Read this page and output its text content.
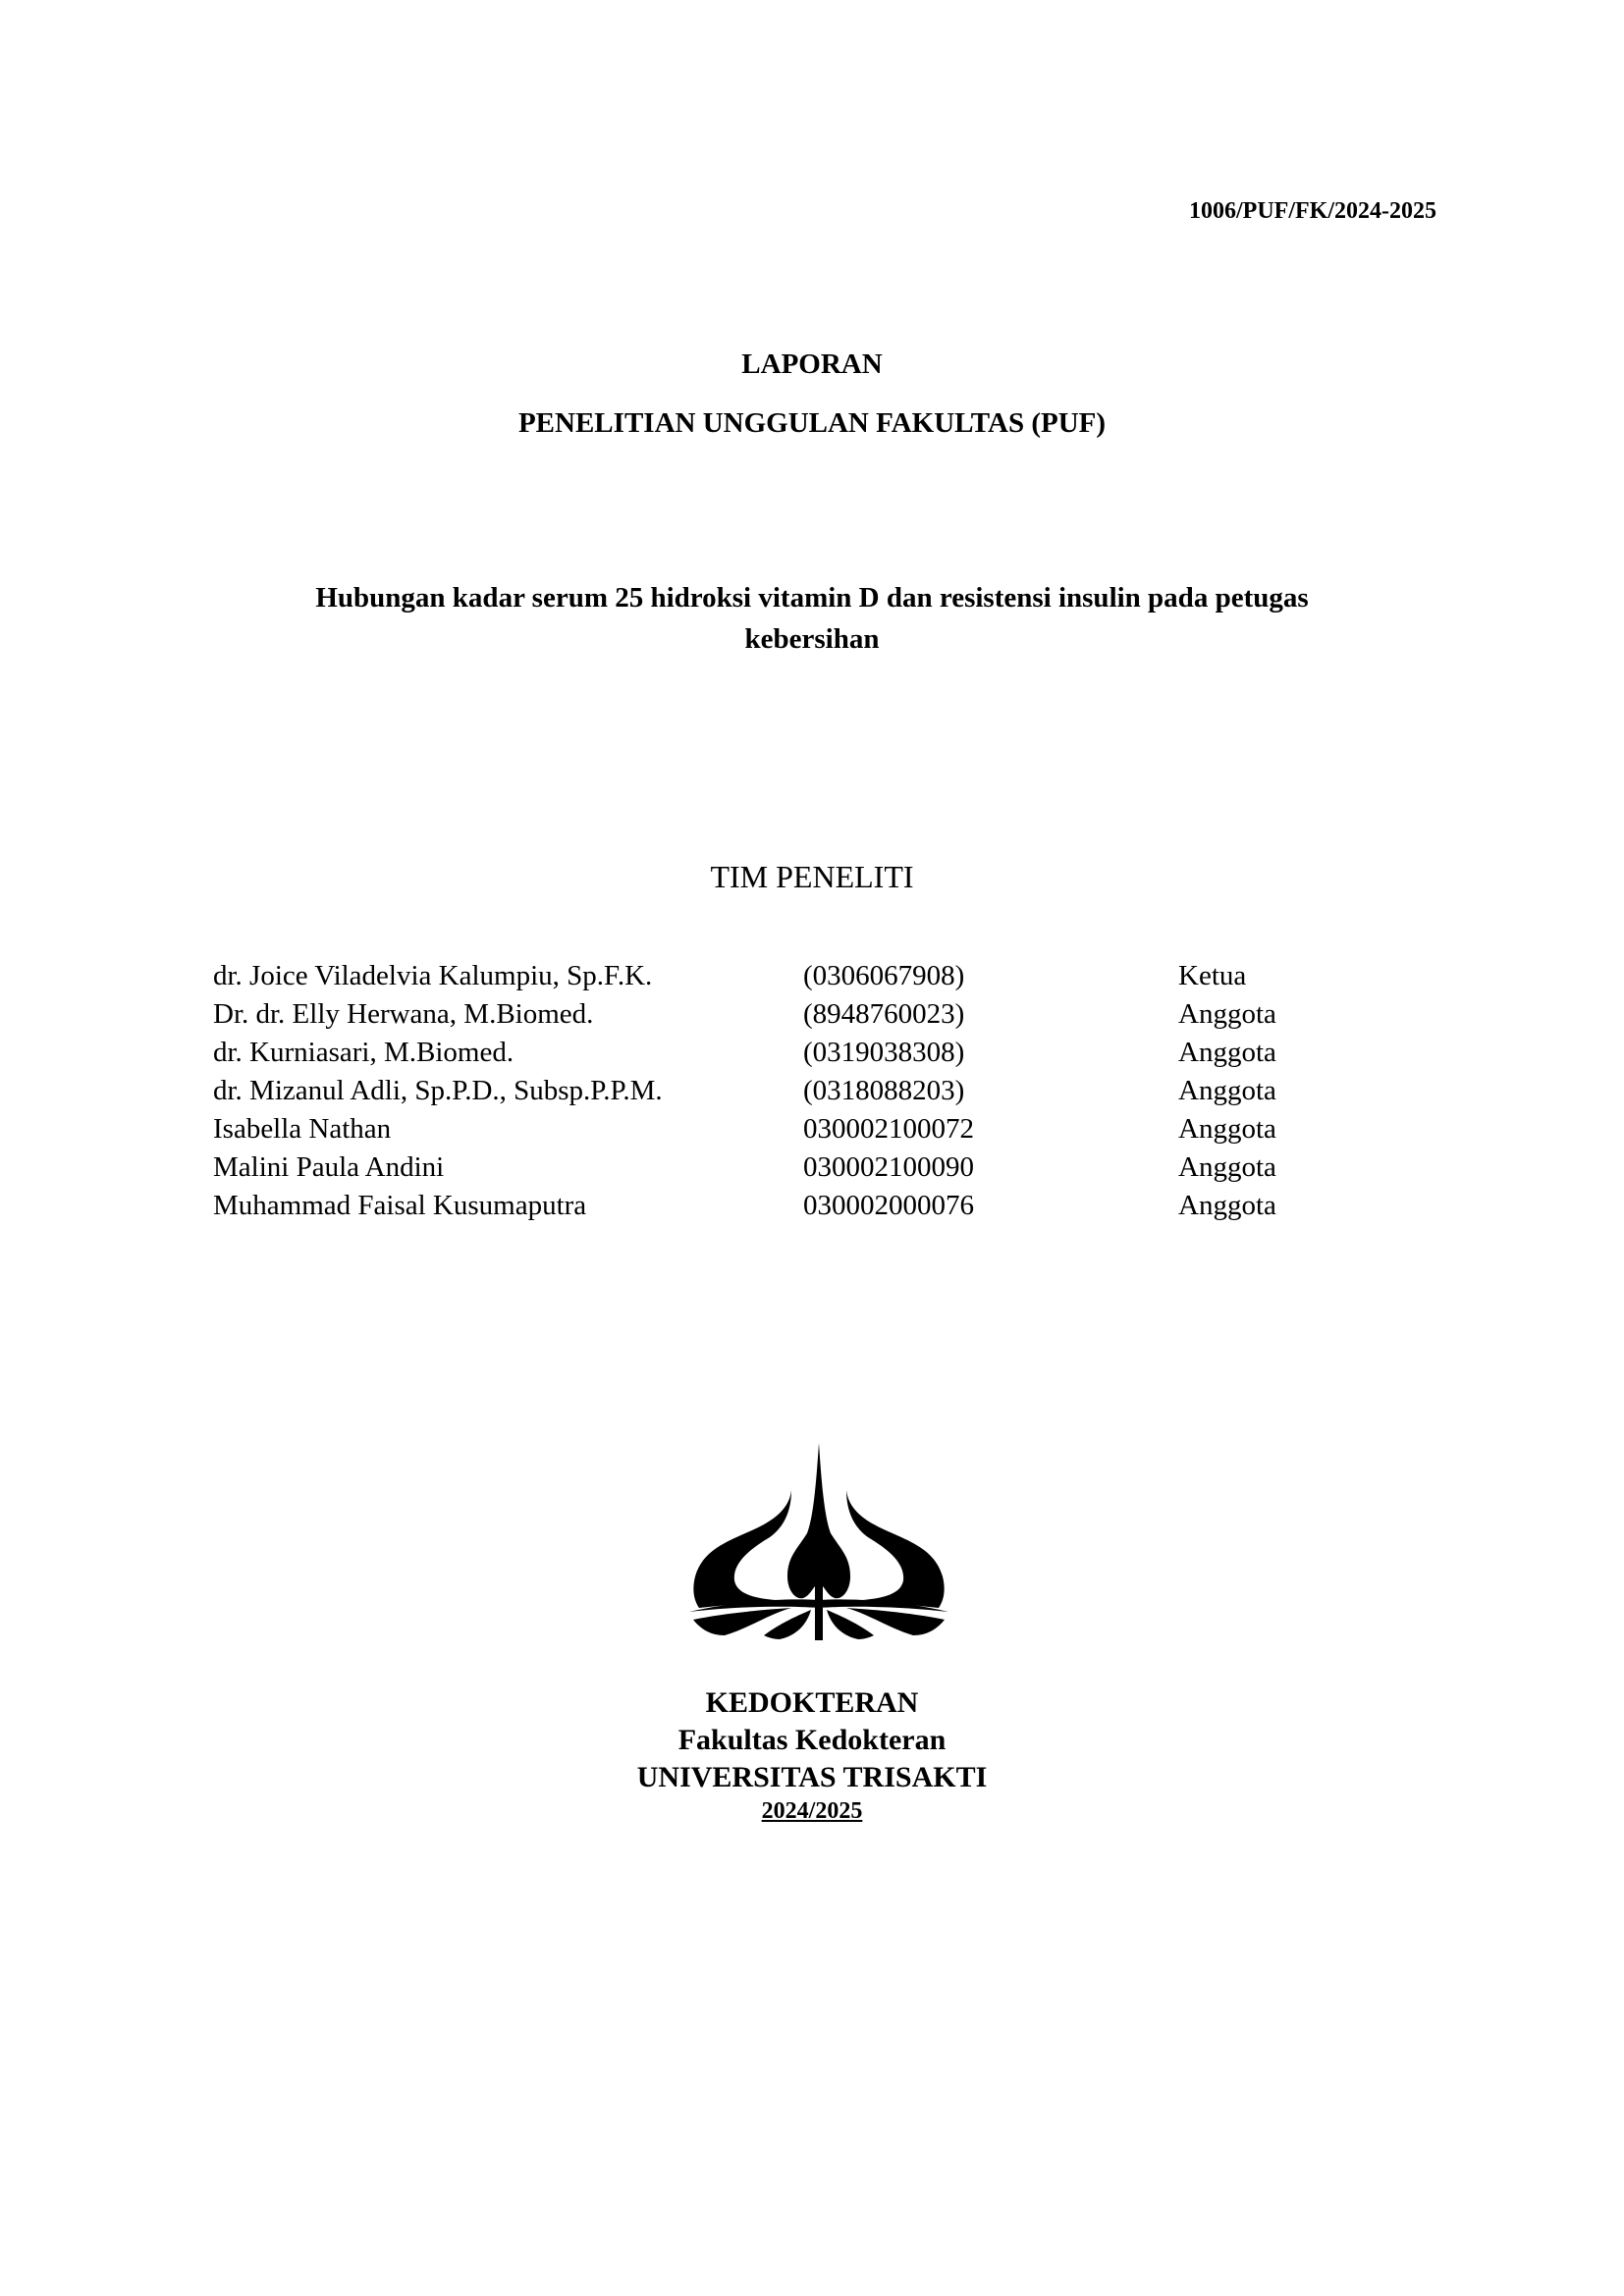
1006/PUF/FK/2024-2025
LAPORAN
PENELITIAN UNGGULAN FAKULTAS (PUF)
Hubungan kadar serum 25 hidroksi vitamin D dan resistensi insulin pada petugas
kebersihan
TIM PENELITI
dr. Joice Viladelvia Kalumpiu, Sp.F.K.	(0306067908)	Ketua
Dr. dr. Elly Herwana, M.Biomed.	(8948760023)	Anggota
dr. Kurniasari, M.Biomed.	(0319038308)	Anggota
dr. Mizanul Adli, Sp.P.D., Subsp.P.P.M.	(0318088203)	Anggota
Isabella Nathan	030002100072	Anggota
Malini Paula Andini	030002100090	Anggota
Muhammad Faisal Kusumaputra	030002000076	Anggota
KEDOKTERAN
Fakultas Kedokteran
UNIVERSITAS TRISAKTI
2024/2025
